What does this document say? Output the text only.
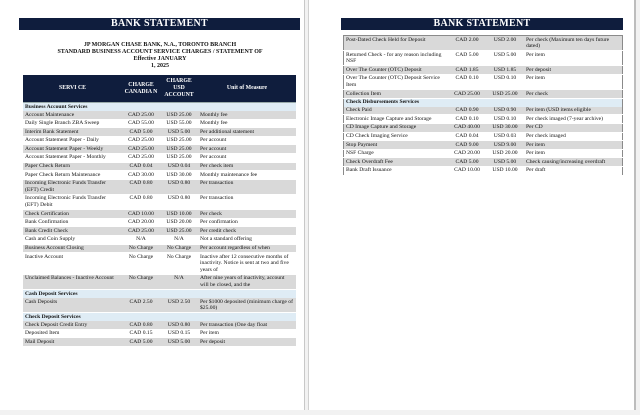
BANK STATEMENT
JP MORGAN CHASE BANK, N.A., TORONTO BRANCH
STANDARD BUSINESS ACCOUNT SERVICE CHARGES / STATEMENT OF
Effective JANUARY
1, 2025
SERVI CE	CHARGE CANADIA N	CHARGE USD ACCOUNT	Unit of Measure
Business Account Services			
Account Maintenance	CAD 25.00	USD 25.00	Monthly fee
Daily Single Branch ZBA Sweep	CAD 55.00	USD 55.00	Monthly fee
Interim Bank Statement	CAD 5.00	USD 5.00	Per additional statement
Account Statement Paper - Daily	CAD 25.00	USD 25.00	Per account
Account Statement Paper - Weekly	CAD 25.00	USD 25.00	Per account
Account Statement Paper - Monthly	CAD 25.00	USD 25.00	Per account
Paper Check Return	CAD 0.04	USD 0.04	Per check item
Paper Check Return Maintenance	CAD 30.00	USD 30.00	Monthly maintenance fee
Incoming Electronic Funds Transfer (EFT) Credit	CAD 0.80	USD 0.80	Per transaction
Incoming Electronic Funds Transfer (EFT) Debit	CAD 0.80	USD 0.80	Per transaction
Check Certification	CAD 10.00	USD 10.00	Per check
Bank Confirmation	CAD 20.00	USD 20.00	Per confirmation
Bank Credit Check	CAD 25.00	USD 25.00	Per credit check
Cash and Coin Supply	N/A	N/A	Not a standard offering
Business Account Closing	No Charge	No Charge	Per account regardless of when
Inactive Account	No Charge	No Charge	Inactive after 12 consecutive months of inactivity. Notice is sent at two and five years of
Unclaimed Balances - Inactive Account	No Charge	N/A	After nine years of inactivity, account will be closed, and the
Cash Deposit Services			
Cash Deposits	CAD 2.50	USD 2.50	Per $1000 deposited (minimum charge of $25.00)
Check Deposit Services			
Check Deposit Credit Entry	CAD 0.80	USD 0.80	Per transaction (One day float
Deposited Item	CAD 0.15	USD 0.15	Per item
Mail Deposit	CAD 5.00	USD 5.00	Per deposit
BANK STATEMENT
Post-Dated Check Held for Deposit	CAD 2.00	USD 2.00	Per check (Maximum ten days future dated)
Returned Check - for any reason including NSF	CAD 5.00	USD 5.00	Per item
Over The Counter (OTC) Deposit	CAD 1.85	USD 1.85	Per deposit
Over The Counter (OTC) Deposit Service Item	CAD 0.10	USD 0.10	Per item
Collection Item	CAD 25.00	USD 25.00	Per check
Check Disbursements Services			
Check Paid	CAD 0.90	USD 0.90	Per item (USD items eligible
Electronic Image Capture and Storage	CAD 0.10	USD 0.10	Per check imaged (7-year archive)
CD Image Capture and Storage	CAD 40.00	USD 30.00	Per CD
CD Check Imaging Service	CAD 0.04	USD 0.03	Per check imaged
Stop Payment	CAD 9.00	USD 9.00	Per item
NSF Charge	CAD 20.00	USD 20.00	Per item
Check Overdraft Fee	CAD 5.00	USD 5.00	Check causing/increasing overdraft
Bank Draft Issuance	CAD 10.00	USD 10.00	Per draft
